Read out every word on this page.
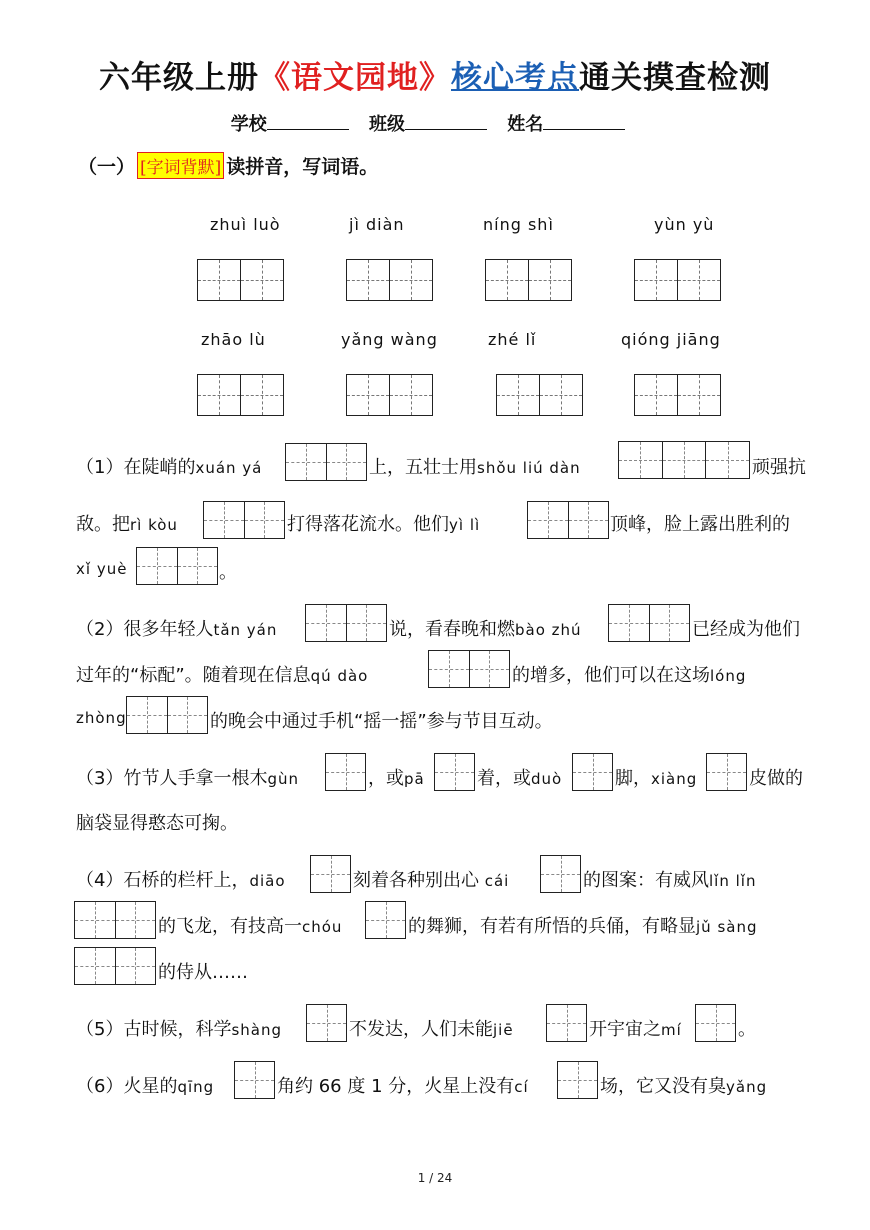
六年级上册《语文园地》核心考点通关摸查检测
学校	班级	姓名
（一） [字词背默] 读拼音，写词语。
zhuì luò	jì diàn	níng shì	yùn yù
zhāo lù	yǎng wàng	zhé lǐ	qióng jiāng
（1）在陡峭的xuán yá	上，五壮士用shǒu liú dàn	顽强抗
敌。把rì kòu	打得落花流水。他们yì lì	顶峰，脸上露出胜利的
xǐ yuè	。
（2）很多年轻人tǎn yán	说，看春晚和燃bào zhú	已经成为他们
过年的“标配”。随着现在信息qú dào	的增多，他们可以在这场lóng
zhòng	的晚会中通过手机“摇一摇”参与节目互动。
（3）竹节人手拿一根木gùn	，或pā	着，或duò	脚，xiàng	皮做的
脑袋显得憨态可掬。
（4）石桥的栏杆上，diāo	刻着各种别出心 cái	的图案：有威风lǐn lǐn
的飞龙，有技高一chóu	的舞狮，有若有所悟的兵俑，有略显jǔ sàng
的侍从……
（5）古时候，科学shàng	不发达，人们未能jiē	开宇宙之mí	。
（6）火星的qīng	角约 66 度 1 分，火星上没有cí	场，它又没有臭yǎng
1 / 24
